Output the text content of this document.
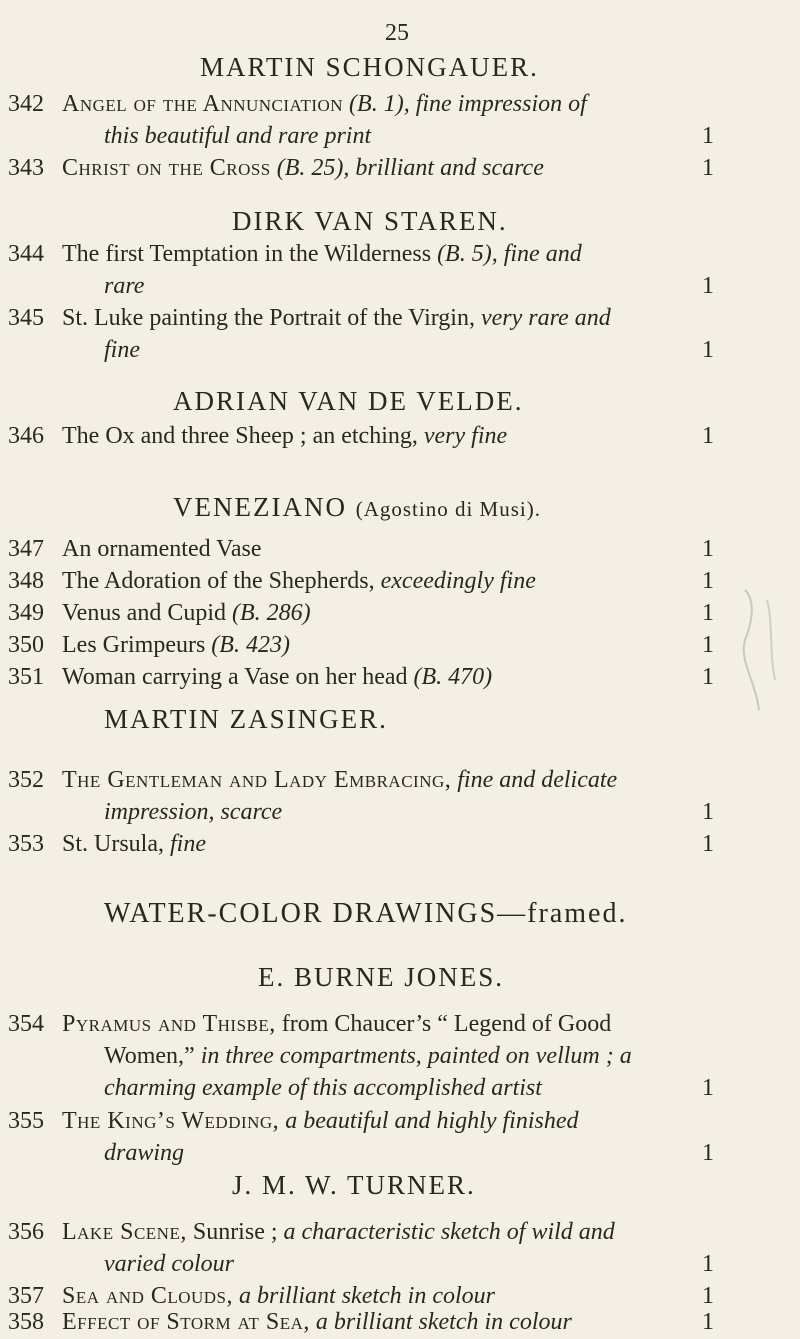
25
MARTIN SCHONGAUER.
342 Angel of the Annunciation (B. 1), fine impression of
this beautiful and rare print	1
343 Christ on the Cross (B. 25), brilliant and scarce	1
DIRK VAN STAREN.
344 The first Temptation in the Wilderness (B. 5), fine and
rare	1
345 St. Luke painting the Portrait of the Virgin, very rare and
fine	1
ADRIAN VAN DE VELDE.
346 The Ox and three Sheep ; an etching, very fine	1
VENEZIANO (Agostino di Musi).
347 An ornamented Vase	1
348 The Adoration of the Shepherds, exceedingly fine	1
349 Venus and Cupid (B. 286)	1
350 Les Grimpeurs (B. 423)	1
351 Woman carrying a Vase on her head (B. 470)	1
MARTIN ZASINGER.
352 The Gentleman and Lady Embracing, fine and delicate
impression, scarce	1
353 St. Ursula, fine	1
WATER-COLOR DRAWINGS—framed.
E. BURNE JONES.
354 Pyramus and Thisbe, from Chaucer’s “ Legend of Good
Women,” in three compartments, painted on vellum ; a
charming example of this accomplished artist	1
355 The King’s Wedding, a beautiful and highly finished
drawing	1
J. M. W. TURNER.
356 Lake Scene, Sunrise ; a characteristic sketch of wild and
varied colour	1
357 Sea and Clouds, a brilliant sketch in colour	1
358 Effect of Storm at Sea, a brilliant sketch in colour	1
